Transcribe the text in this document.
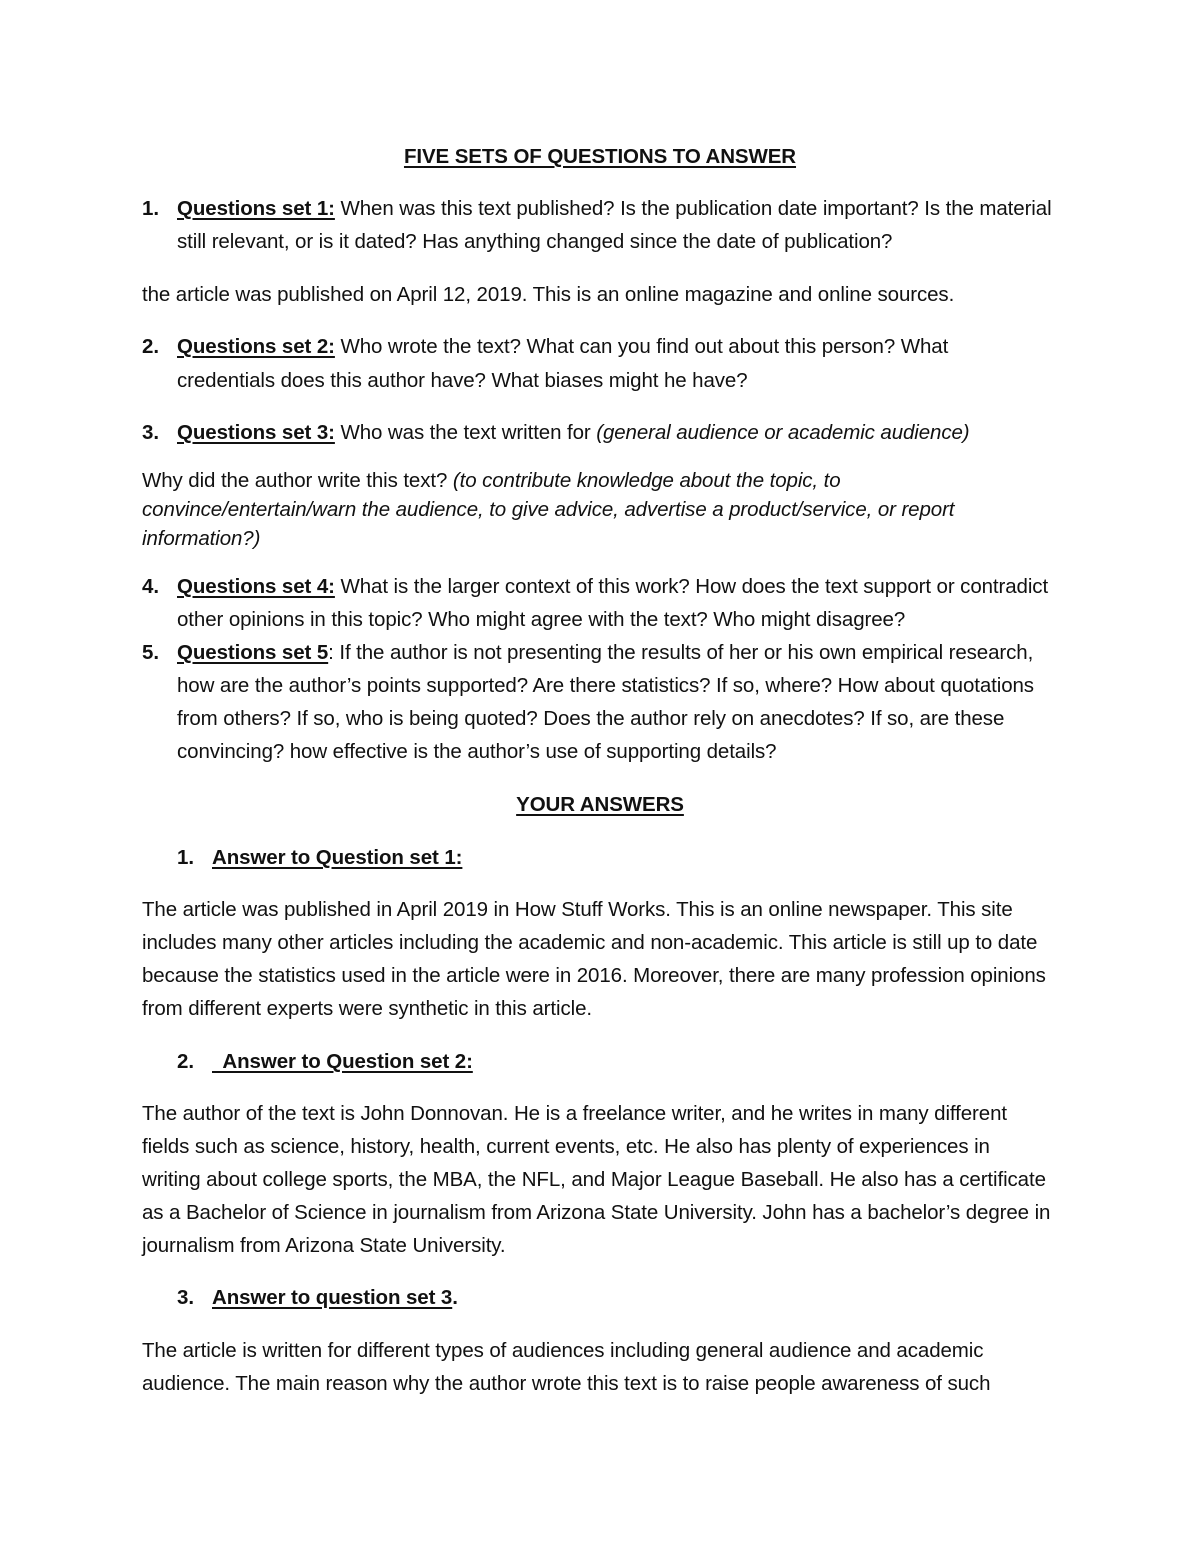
FIVE SETS OF QUESTIONS TO ANSWER
1. Questions set 1: When was this text published? Is the publication date important? Is the material
still relevant, or is it dated? Has anything changed since the date of publication?
the article was published on April 12, 2019. This is an online magazine and online sources.
2. Questions set 2: Who wrote the text? What can you find out about this person? What
credentials does this author have? What biases might he have?
3. Questions set 3: Who was the text written for (general audience or academic audience)
Why did the author write this text? (to contribute knowledge about the topic, to
convince/entertain/warn the audience, to give advice, advertise a product/service, or report
information?)
4. Questions set 4: What is the larger context of this work? How does the text support or contradict
other opinions in this topic? Who might agree with the text? Who might disagree?
5. Questions set 5: If the author is not presenting the results of her or his own empirical research,
how are the author’s points supported? Are there statistics? If so, where? How about quotations
from others? If so, who is being quoted? Does the author rely on anecdotes? If so, are these
convincing? how effective is the author’s use of supporting details?
YOUR ANSWERS
1. Answer to Question set 1:
The article was published in April 2019 in How Stuff Works. This is an online newspaper. This site
includes many other articles including the academic and non-academic. This article is still up to date
because the statistics used in the article were in 2016. Moreover, there are many profession opinions
from different experts were synthetic in this article.
2. Answer to Question set 2:
The author of the text is John Donnovan. He is a freelance writer, and he writes in many different
fields such as science, history, health, current events, etc. He also has plenty of experiences in
writing about college sports, the MBA, the NFL, and Major League Baseball. He also has a certificate
as a Bachelor of Science in journalism from Arizona State University. John has a bachelor’s degree in
journalism from Arizona State University.
3. Answer to question set 3.
The article is written for different types of audiences including general audience and academic
audience. The main reason why the author wrote this text is to raise people awareness of such
